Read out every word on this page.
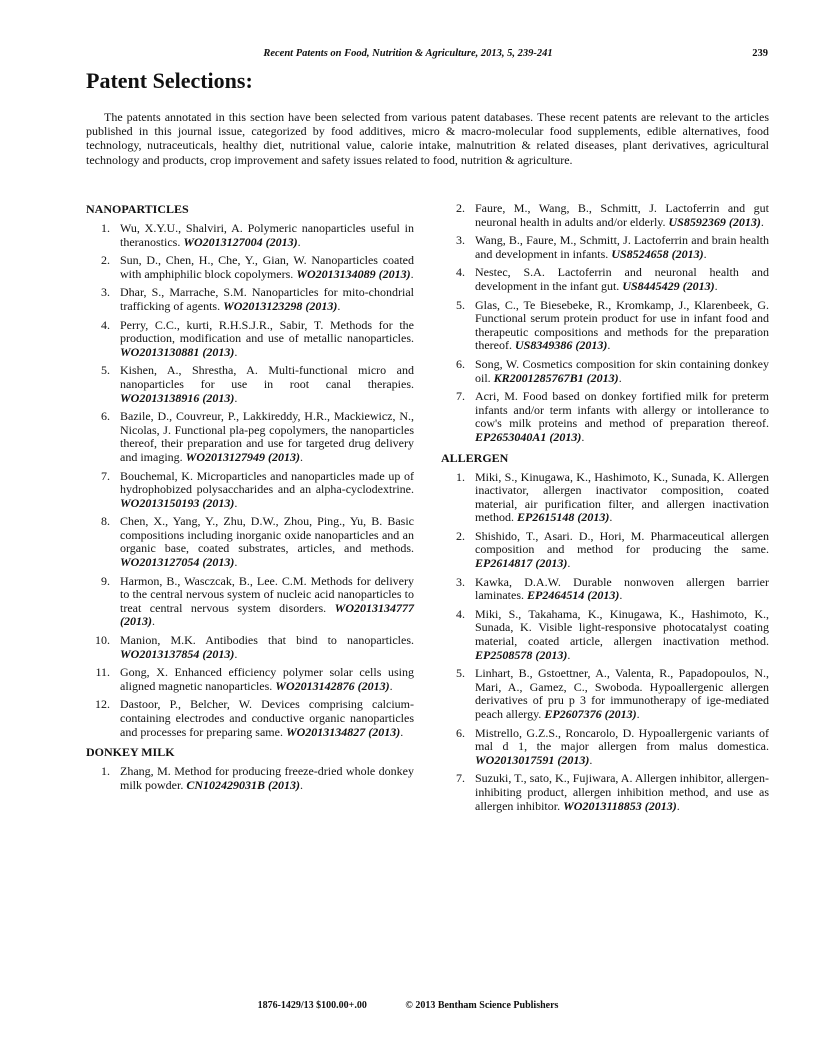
Recent Patents on Food, Nutrition & Agriculture, 2013, 5, 239-241	239
Patent Selections:

The patents annotated in this section have been selected from various patent databases. These recent patents are relevant to the articles published in this journal issue, categorized by food additives, micro & macro-molecular food supplements, edible alternatives, food technology, nutraceuticals, healthy diet, nutritional value, calorie intake, malnutrition & related diseases, plant derivatives, agricultural technology and products, crop improvement and safety issues related to food, nutrition & agriculture.

NANOPARTICLES
1. Wu, X.Y.U., Shalviri, A. Polymeric nanoparticles useful in theranostics. WO2013127004 (2013).
2. Sun, D., Chen, H., Che, Y., Gian, W. Nanoparticles coated with amphiphilic block copolymers. WO2013134089 (2013).
3. Dhar, S., Marrache, S.M. Nanoparticles for mito-chondrial trafficking of agents. WO2013123298 (2013).
4. Perry, C.C., kurti, R.H.S.J.R., Sabir, T. Methods for the production, modification and use of metallic nanoparticles. WO2013130881 (2013).
5. Kishen, A., Shrestha, A. Multi-functional micro and nanoparticles for use in root canal therapies. WO2013138916 (2013).
6. Bazile, D., Couvreur, P., Lakkireddy, H.R., Mackiewicz, N., Nicolas, J. Functional pla-peg copolymers, the nanoparticles thereof, their preparation and use for targeted drug delivery and imaging. WO2013127949 (2013).
7. Bouchemal, K. Microparticles and nanoparticles made up of hydrophobized polysaccharides and an alpha-cyclodextrine. WO2013150193 (2013).
8. Chen, X., Yang, Y., Zhu, D.W., Zhou, Ping., Yu, B. Basic compositions including inorganic oxide nanoparticles and an organic base, coated substrates, articles, and methods. WO2013127054 (2013).
9. Harmon, B., Wasczcak, B., Lee. C.M. Methods for delivery to the central nervous system of nucleic acid nanoparticles to treat central nervous system disorders. WO2013134777 (2013).
10. Manion, M.K. Antibodies that bind to nanoparticles. WO2013137854 (2013).
11. Gong, X. Enhanced efficiency polymer solar cells using aligned magnetic nanoparticles. WO2013142876 (2013).
12. Dastoor, P., Belcher, W. Devices comprising calcium-containing electrodes and conductive organic nanoparticles and processes for preparing same. WO2013134827 (2013).
DONKEY MILK
1. Zhang, M. Method for producing freeze-dried whole donkey milk powder. CN102429031B (2013).
2. Faure, M., Wang, B., Schmitt, J. Lactoferrin and gut neuronal health in adults and/or elderly. US8592369 (2013).
3. Wang, B., Faure, M., Schmitt, J. Lactoferrin and brain health and development in infants. US8524658 (2013).
4. Nestec, S.A. Lactoferrin and neuronal health and development in the infant gut. US8445429 (2013).
5. Glas, C., Te Biesebeke, R., Kromkamp, J., Klarenbeek, G. Functional serum protein product for use in infant food and therapeutic compositions and methods for the preparation thereof. US8349386 (2013).
6. Song, W. Cosmetics composition for skin containing donkey oil. KR2001285767B1 (2013).
7. Acri, M. Food based on donkey fortified milk for preterm infants and/or term infants with allergy or intollerance to cow's milk proteins and method of preparation thereof. EP2653040A1 (2013).
ALLERGEN
1. Miki, S., Kinugawa, K., Hashimoto, K., Sunada, K. Allergen inactivator, allergen inactivator composition, coated material, air purification filter, and allergen inactivation method. EP2615148 (2013).
2. Shishido, T., Asari. D., Hori, M. Pharmaceutical allergen composition and method for producing the same. EP2614817 (2013).
3. Kawka, D.A.W. Durable nonwoven allergen barrier laminates. EP2464514 (2013).
4. Miki, S., Takahama, K., Kinugawa, K., Hashimoto, K., Sunada, K. Visible light-responsive photocatalyst coating material, coated article, allergen inactivation method. EP2508578 (2013).
5. Linhart, B., Gstoettner, A., Valenta, R., Papadopoulos, N., Mari, A., Gamez, C., Swoboda. Hypoallergenic allergen derivatives of pru p 3 for immunotherapy of ige-mediated peach allergy. EP2607376 (2013).
6. Mistrello, G.Z.S., Roncarolo, D. Hypoallergenic variants of mal d 1, the major allergen from malus domestica. WO2013017591 (2013).
7. Suzuki, T., sato, K., Fujiwara, A. Allergen inhibitor, allergen-inhibiting product, allergen inhibition method, and use as allergen inhibitor. WO2013118853 (2013).
1876-1429/13 $100.00+.00	© 2013 Bentham Science Publishers
